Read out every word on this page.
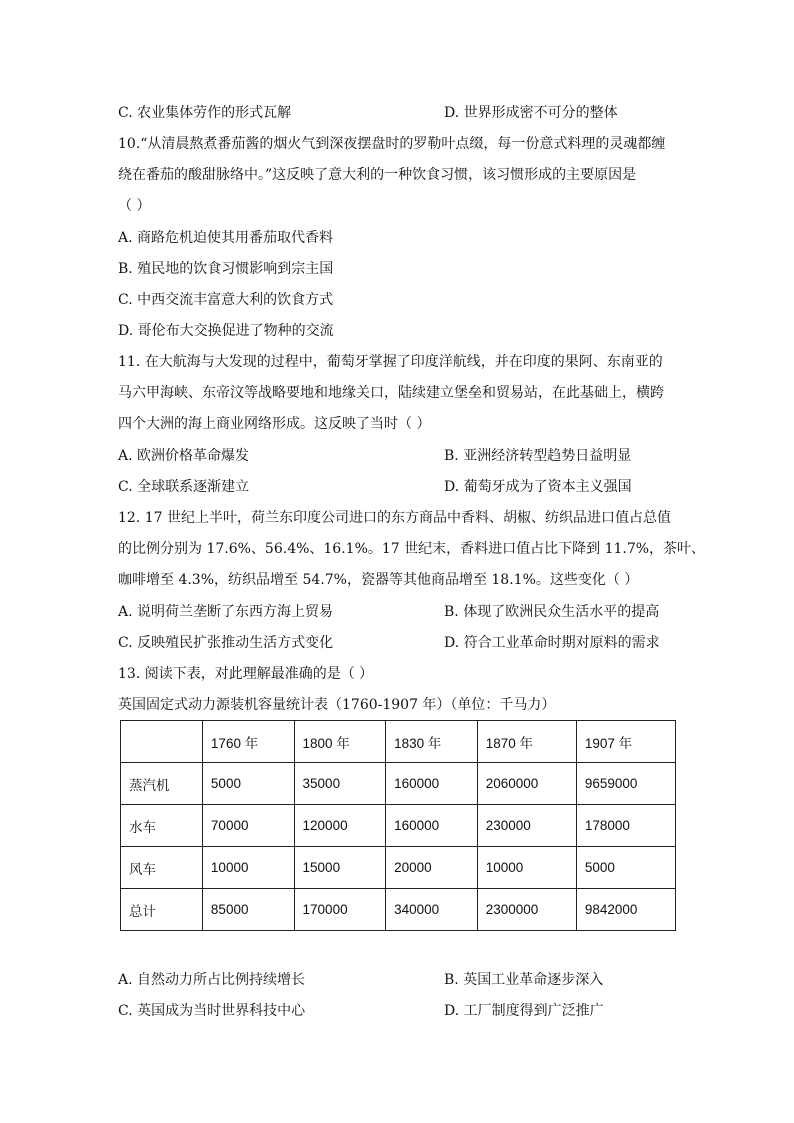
C. 农业集体劳作的形式瓦解	D. 世界形成密不可分的整体
10.“从清晨熬煮番茄酱的烟火气到深夜摆盘时的罗勒叶点缀，每一份意式料理的灵魂都缠
绕在番茄的酸甜脉络中。”这反映了意大利的一种饮食习惯，该习惯形成的主要原因是
（ ）
A. 商路危机迫使其用番茄取代香料
B. 殖民地的饮食习惯影响到宗主国
C. 中西交流丰富意大利的饮食方式
D. 哥伦布大交换促进了物种的交流
11. 在大航海与大发现的过程中，葡萄牙掌握了印度洋航线，并在印度的果阿、东南亚的
马六甲海峡、东帝汶等战略要地和地缘关口，陆续建立堡垒和贸易站，在此基础上，横跨
四个大洲的海上商业网络形成。这反映了当时（ ）
A. 欧洲价格革命爆发	B. 亚洲经济转型趋势日益明显
C. 全球联系逐渐建立	D. 葡萄牙成为了资本主义强国
12. 17 世纪上半叶，荷兰东印度公司进口的东方商品中香料、胡椒、纺织品进口值占总值
的比例分别为 17.6%、56.4%、16.1%。17 世纪末，香料进口值占比下降到 11.7%，茶叶、
咖啡增至 4.3%，纺织品增至 54.7%，瓷器等其他商品增至 18.1%。这些变化（ ）
A. 说明荷兰垄断了东西方海上贸易	B. 体现了欧洲民众生活水平的提高
C. 反映殖民扩张推动生活方式变化	D. 符合工业革命时期对原料的需求
13. 阅读下表，对此理解最准确的是（ ）
英国固定式动力源装机容量统计表（1760-1907 年）（单位：千马力）
	1760 年	1800 年	1830 年	1870 年	1907 年
蒸汽机	5000	35000	160000	2060000	9659000
水车	70000	120000	160000	230000	178000
风车	10000	15000	20000	10000	5000
总计	85000	170000	340000	2300000	9842000
A. 自然动力所占比例持续增长	B. 英国工业革命逐步深入
C. 英国成为当时世界科技中心	D. 工厂制度得到广泛推广
